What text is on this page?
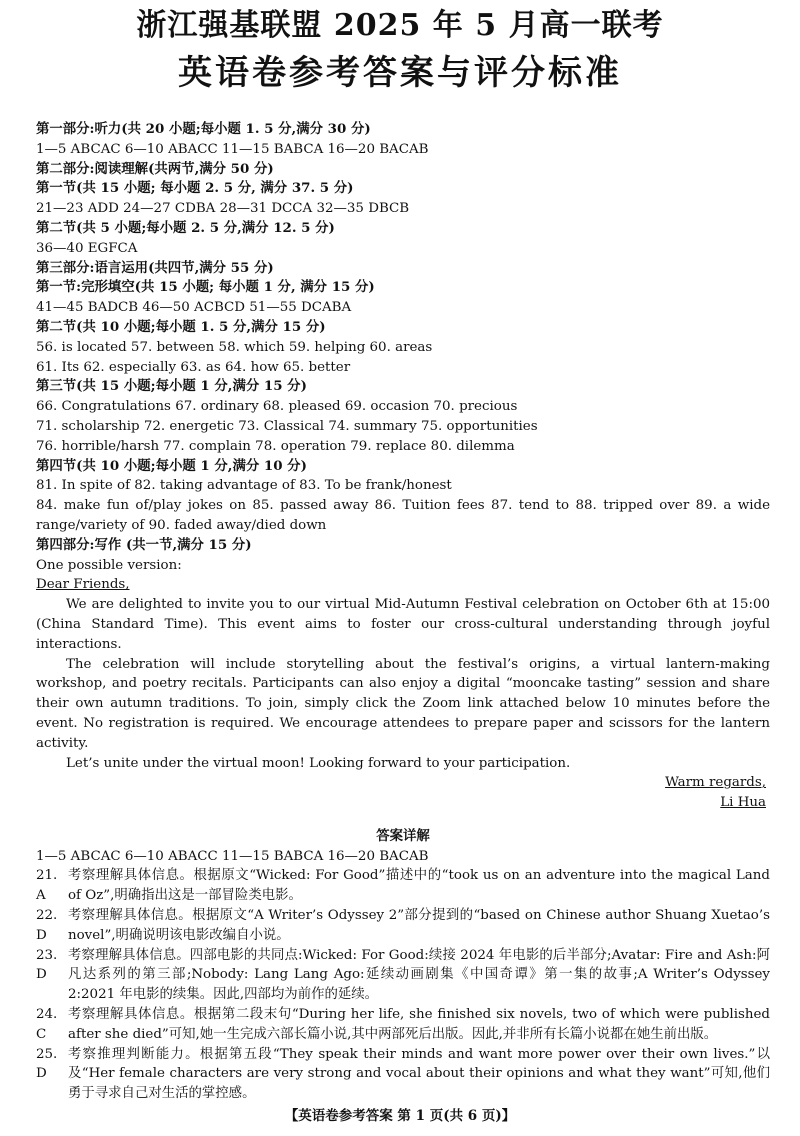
浙江强基联盟 2025 年 5 月高一联考
英语卷参考答案与评分标准
第一部分:听力(共 20 小题;每小题 1. 5 分,满分 30 分)
1—5 ABCAC 6—10 ABACC 11—15 BABCA 16—20 BACAB
第二部分:阅读理解(共两节,满分 50 分)
第一节(共 15 小题; 每小题 2. 5 分, 满分 37. 5 分)
21—23 ADD 24—27 CDBA 28—31 DCCA 32—35 DBCB
第二节(共 5 小题;每小题 2. 5 分,满分 12. 5 分)
36—40 EGFCA
第三部分:语言运用(共四节,满分 55 分)
第一节:完形填空(共 15 小题; 每小题 1 分, 满分 15 分)
41—45 BADCB 46—50 ACBCD 51—55 DCABA
第二节(共 10 小题;每小题 1. 5 分,满分 15 分)
56. is located 57. between 58. which 59. helping 60. areas
61. Its 62. especially 63. as 64. how 65. better
第三节(共 15 小题;每小题 1 分,满分 15 分)
66. Congratulations 67. ordinary 68. pleased 69. occasion 70. precious
71. scholarship 72. energetic 73. Classical 74. summary 75. opportunities
76. horrible/harsh 77. complain 78. operation 79. replace 80. dilemma
第四节(共 10 小题;每小题 1 分,满分 10 分)
81. In spite of 82. taking advantage of 83. To be frank/honest
84. make fun of/play jokes on 85. passed away 86. Tuition fees 87. tend to 88. tripped over 89. a wide range/variety of 90. faded away/died down
第四部分:写作 (共一节,满分 15 分)
One possible version:
Dear Friends,

We are delighted to invite you to our virtual Mid-Autumn Festival celebration on October 6th at 15:00 (China Standard Time). This event aims to foster our cross-cultural understanding through joyful interactions.

The celebration will include storytelling about the festival’s origins, a virtual lantern-making workshop, and poetry recitals. Participants can also enjoy a digital “mooncake tasting” session and share their own autumn traditions. To join, simply click the Zoom link attached below 10 minutes before the event. No registration is required. We encourage attendees to prepare paper and scissors for the lantern activity.

Let’s unite under the virtual moon! Looking forward to your participation.

Warm regards,
Li Hua
答案详解
1—5 ABCAC 6—10 ABACC 11—15 BABCA 16—20 BACAB
21. A
考察理解具体信息。根据原文“Wicked: For Good”描述中的“took us on an adventure into the magical Land of Oz”,明确指出这是一部冒险类电影。
22. D
考察理解具体信息。根据原文“A Writer’s Odyssey 2”部分提到的“based on Chinese author Shuang Xuetao’s novel”,明确说明该电影改编自小说。
23. D
考察理解具体信息。四部电影的共同点:Wicked: For Good:续接 2024 年电影的后半部分;Avatar: Fire and Ash:阿凡达系列的第三部;Nobody: Lang Lang Ago:延续动画剧集《中国奇谭》第一集的故事;A Writer’s Odyssey 2:2021 年电影的续集。因此,四部均为前作的延续。
24. C
考察理解具体信息。根据第二段末句“During her life, she finished six novels, two of which were published after she died”可知,她一生完成六部长篇小说,其中两部死后出版。因此,并非所有长篇小说都在她生前出版。
25. D
考察推理判断能力。根据第五段“They speak their minds and want more power over their own lives.”以及“Her female characters are very strong and vocal about their opinions and what they want”可知,他们勇于寻求自己对生活的掌控感。
【英语卷参考答案 第 1 页(共 6 页)】
